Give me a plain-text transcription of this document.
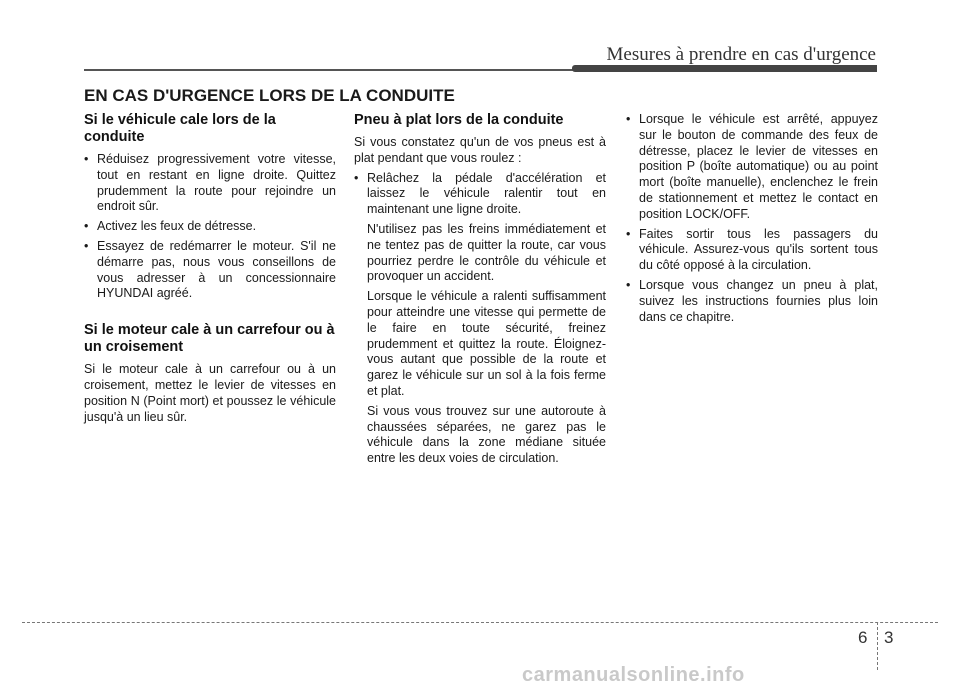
Mesures à prendre en cas d'urgence
EN CAS D'URGENCE LORS DE LA CONDUITE
Si le véhicule cale lors de la conduite
• Réduisez progressivement votre vitesse, tout en restant en ligne droite. Quittez prudemment la route pour rejoindre un endroit sûr.
• Activez les feux de détresse.
• Essayez de redémarrer le moteur. S'il ne démarre pas, nous vous conseillons de vous adresser à un concessionnaire HYUNDAI agréé.
Si le moteur cale à un carrefour ou à un croisement

Si le moteur cale à un carrefour ou à un croisement, mettez le levier de vitesses en position N (Point mort) et poussez le véhicule jusqu'à un lieu sûr.

Pneu à plat lors de la conduite

Si vous constatez qu'un de vos pneus est à plat pendant que vous roulez :

• Relâchez la pédale d'accélération et laissez le véhicule ralentir tout en maintenant une ligne droite.
N'utilisez pas les freins immédiatement et ne tentez pas de quitter la route, car vous pourriez perdre le contrôle du véhicule et provoquer un accident.
Lorsque le véhicule a ralenti suffisamment pour atteindre une vitesse qui permette de le faire en toute sécurité, freinez prudemment et quittez la route. Éloignez-vous autant que possible de la route et garez le véhicule sur un sol à la fois ferme et plat.
Si vous vous trouvez sur une autoroute à chaussées séparées, ne garez pas le véhicule dans la zone médiane située entre les deux voies de circulation.
• Lorsque le véhicule est arrêté, appuyez sur le bouton de commande des feux de détresse, placez le levier de vitesses en position P (boîte automatique) ou au point mort (boîte manuelle), enclenchez le frein de stationnement et mettez le contact en position LOCK/OFF.
• Faites sortir tous les passagers du véhicule. Assurez-vous qu'ils sortent tous du côté opposé à la circulation.
• Lorsque vous changez un pneu à plat, suivez les instructions fournies plus loin dans ce chapitre.
6 3
carmanualsonline.info
